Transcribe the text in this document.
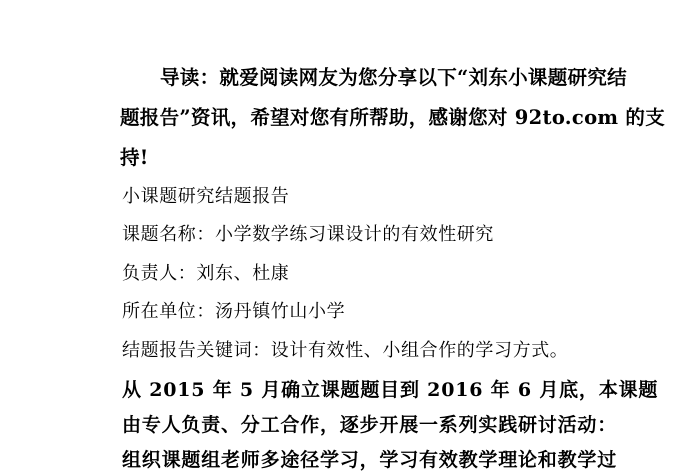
导读：就爱阅读网友为您分享以下“刘东小课题研究结
题报告”资讯，希望对您有所帮助，感谢您对 92to.com 的支
持!
小课题研究结题报告
课题名称：小学数学练习课设计的有效性研究
负责人：刘东、杜康
所在单位：汤丹镇竹山小学
结题报告关键词：设计有效性、小组合作的学习方式。
从 2015 年 5 月确立课题题目到 2016 年 6 月底，本课题
由专人负责、分工合作，逐步开展一系列实践研讨活动：
组织课题组老师多途径学习，学习有效教学理论和教学过
